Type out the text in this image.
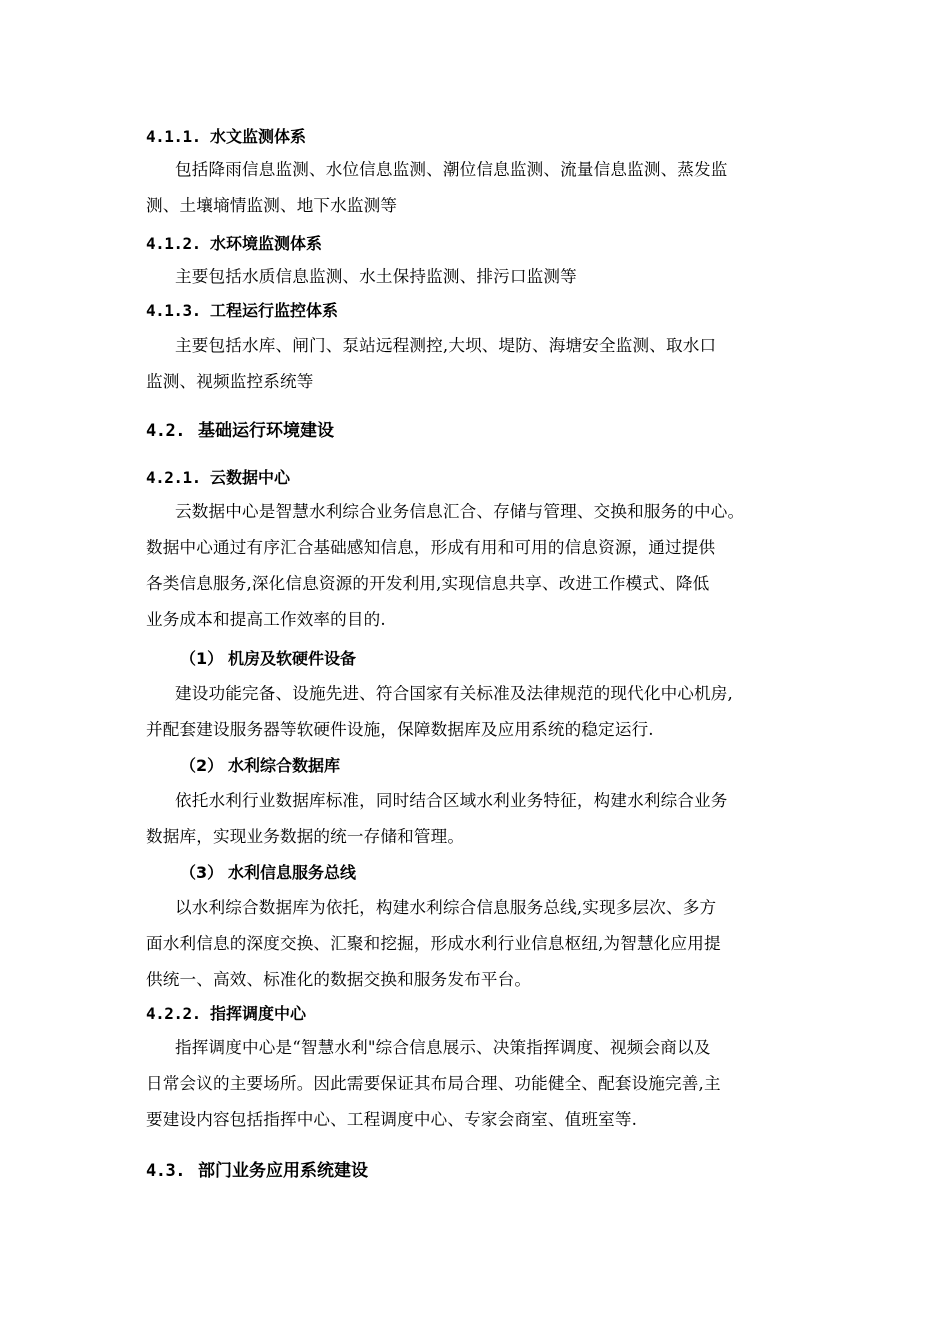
4.1.1. 水文监测体系
包括降雨信息监测、水位信息监测、潮位信息监测、流量信息监测、蒸发监
测、土壤墒情监测、地下水监测等
4.1.2. 水环境监测体系
主要包括水质信息监测、水土保持监测、排污口监测等
4.1.3. 工程运行监控体系
主要包括水库、闸门、泵站远程测控,大坝、堤防、海塘安全监测、取水口
监测、视频监控系统等
4.2. 基础运行环境建设
4.2.1. 云数据中心
云数据中心是智慧水利综合业务信息汇合、存储与管理、交换和服务的中心。
数据中心通过有序汇合基础感知信息，形成有用和可用的信息资源，通过提供
各类信息服务,深化信息资源的开发利用,实现信息共享、改进工作模式、降低
业务成本和提高工作效率的目的.
（1） 机房及软硬件设备
建设功能完备、设施先进、符合国家有关标准及法律规范的现代化中心机房,
并配套建设服务器等软硬件设施，保障数据库及应用系统的稳定运行.
（2） 水利综合数据库
依托水利行业数据库标准，同时结合区域水利业务特征，构建水利综合业务
数据库，实现业务数据的统一存储和管理。
（3） 水利信息服务总线
以水利综合数据库为依托，构建水利综合信息服务总线,实现多层次、多方
面水利信息的深度交换、汇聚和挖掘，形成水利行业信息枢纽,为智慧化应用提
供统一、高效、标准化的数据交换和服务发布平台。
4.2.2. 指挥调度中心
指挥调度中心是“智慧水利"综合信息展示、决策指挥调度、视频会商以及
日常会议的主要场所。因此需要保证其布局合理、功能健全、配套设施完善,主
要建设内容包括指挥中心、工程调度中心、专家会商室、值班室等.
4.3. 部门业务应用系统建设
